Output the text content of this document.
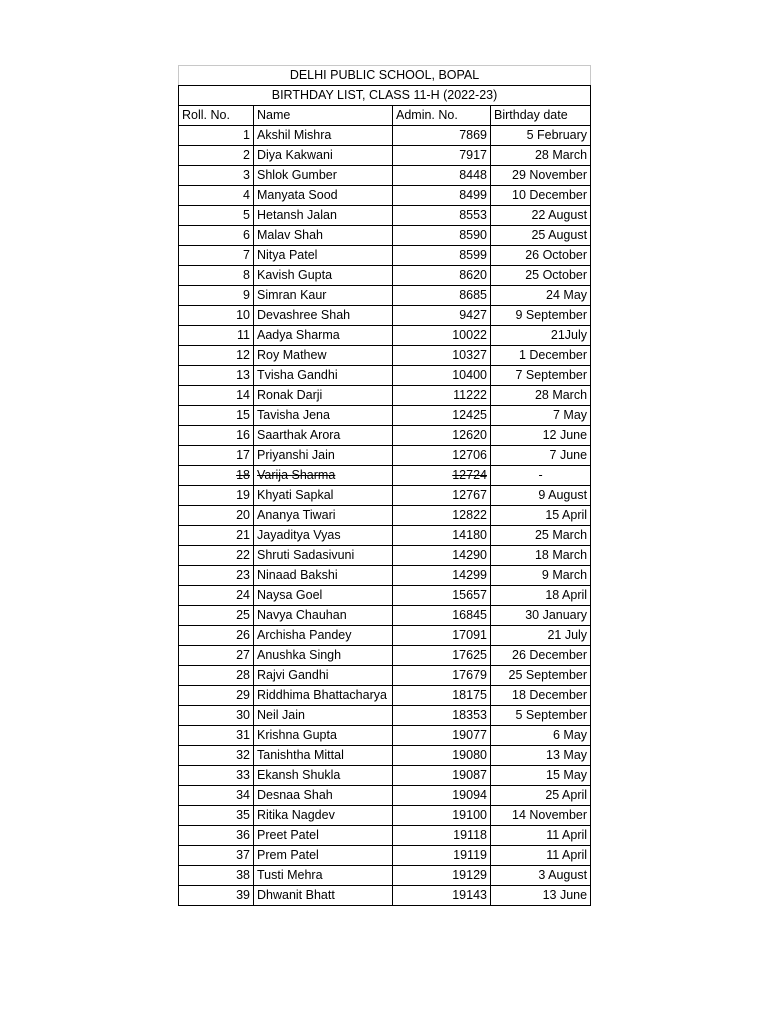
DELHI PUBLIC SCHOOL, BOPAL			
BIRTHDAY LIST, CLASS 11-H (2022-23)			
Roll. No.	Name	Admin. No.	Birthday date
1	Akshil Mishra	7869	5 February
2	Diya Kakwani	7917	28 March
3	Shlok Gumber	8448	29 November
4	Manyata Sood	8499	10 December
5	Hetansh Jalan	8553	22 August
6	Malav Shah	8590	25 August
7	Nitya Patel	8599	26 October
8	Kavish Gupta	8620	25 October
9	Simran Kaur	8685	24 May
10	Devashree Shah	9427	9 September
11	Aadya Sharma	10022	21July
12	Roy Mathew	10327	1 December
13	Tvisha Gandhi	10400	7 September
14	Ronak Darji	11222	28 March
15	Tavisha Jena	12425	7 May
16	Saarthak Arora	12620	12 June
17	Priyanshi Jain	12706	7 June
18	Varija Sharma	12724	-
19	Khyati Sapkal	12767	9 August
20	Ananya Tiwari	12822	15 April
21	Jayaditya Vyas	14180	25 March
22	Shruti Sadasivuni	14290	18 March
23	Ninaad Bakshi	14299	9 March
24	Naysa Goel	15657	18 April
25	Navya Chauhan	16845	30 January
26	Archisha Pandey	17091	21 July
27	Anushka Singh	17625	26 December
28	Rajvi Gandhi	17679	25 September
29	Riddhima Bhattacharya	18175	18 December
30	Neil Jain	18353	5 September
31	Krishna Gupta	19077	6 May
32	Tanishtha Mittal	19080	13 May
33	Ekansh Shukla	19087	15 May
34	Desnaa Shah	19094	25 April
35	Ritika Nagdev	19100	14 November
36	Preet Patel	19118	11 April
37	Prem Patel	19119	11 April
38	Tusti Mehra	19129	3 August
39	Dhwanit Bhatt	19143	13 June
